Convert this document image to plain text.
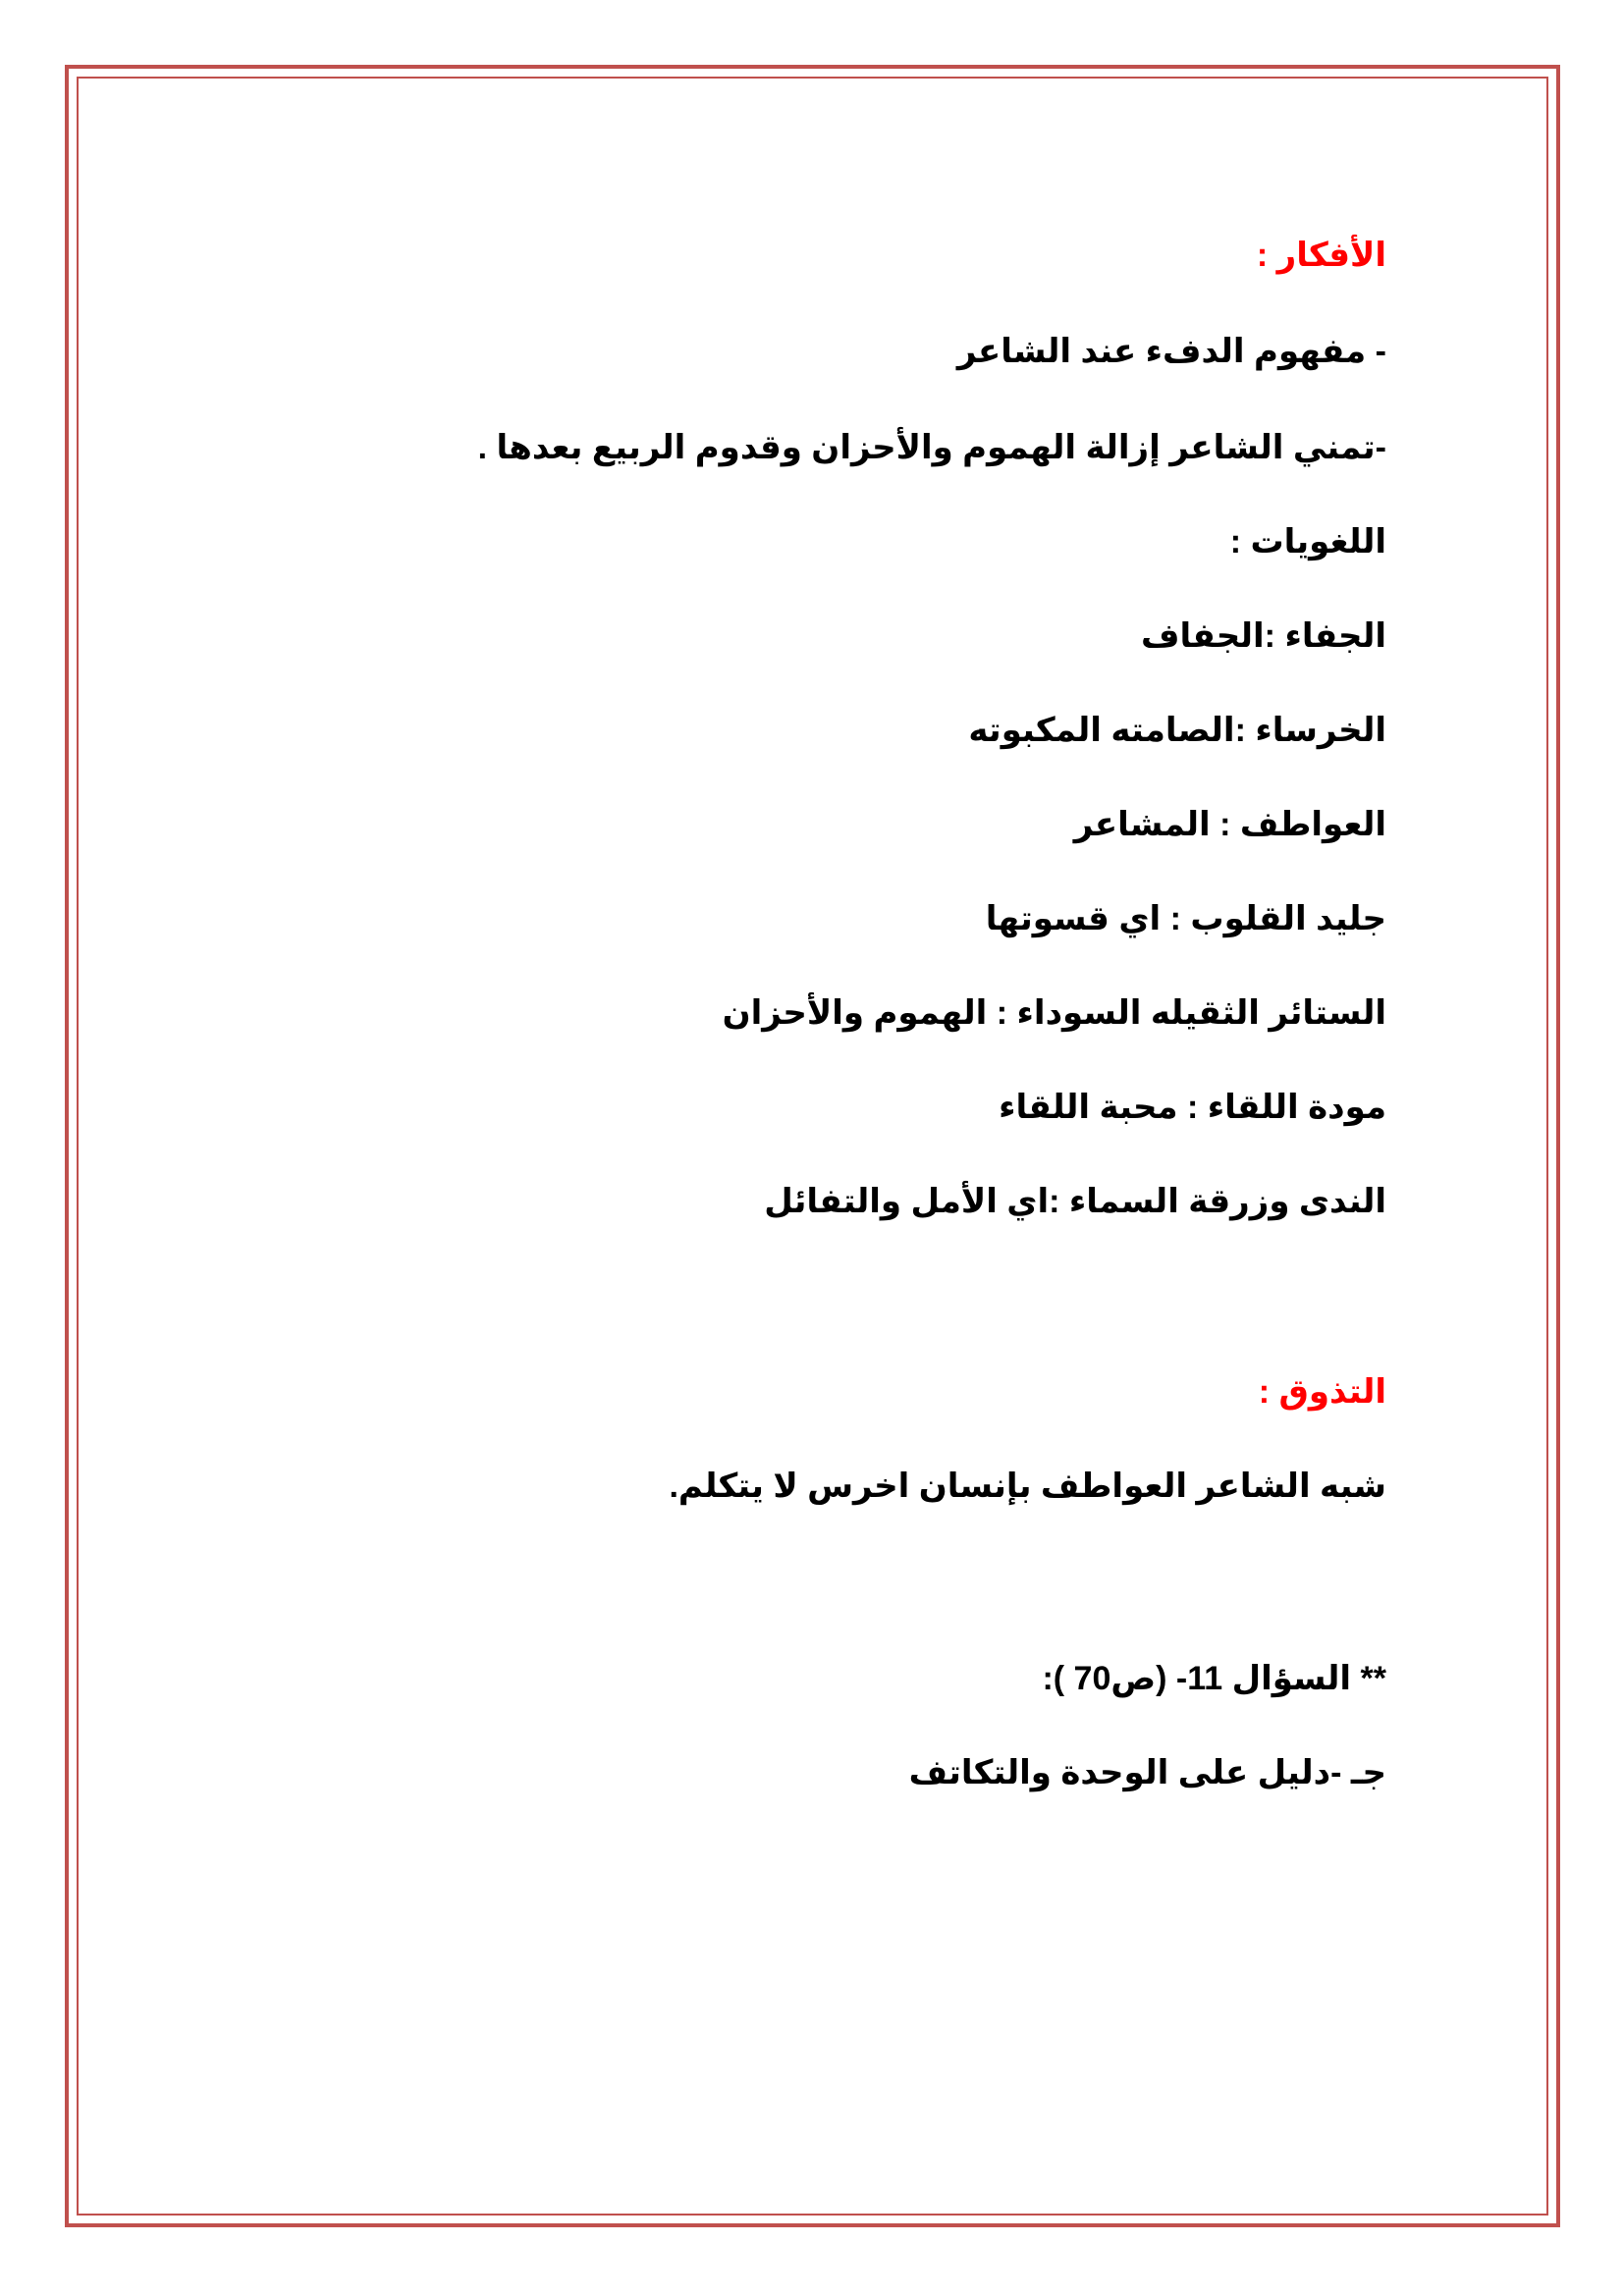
الأفكار :
- مفهوم الدفء عند الشاعر
-تمني الشاعر إزالة الهموم والأحزان وقدوم الربيع بعدها .
اللغويات :
الجفاء :الجفاف
الخرساء :الصامته المكبوته
العواطف : المشاعر
جليد القلوب : اي قسوتها
الستائر الثقيله السوداء : الهموم والأحزان
مودة اللقاء : محبة اللقاء
الندى وزرقة السماء :اي الأمل والتفائل
التذوق :
شبه الشاعر العواطف بإنسان اخرس لا يتكلم.
** السؤال 11- (ص70 ):
جـ -دليل على الوحدة والتكاتف
